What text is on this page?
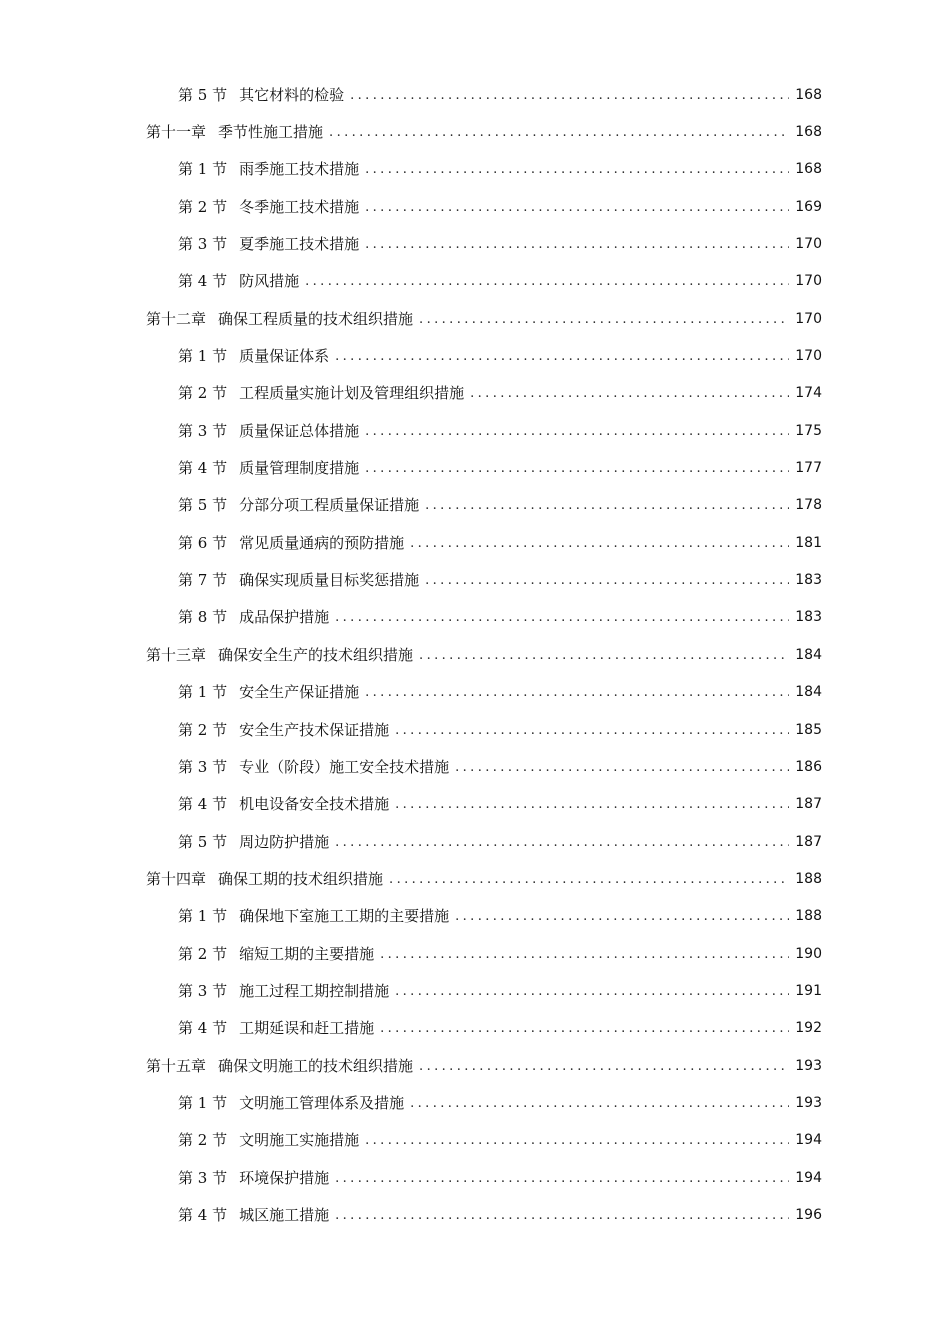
第 5 节 其它材料的检验 .....	168
第十一章 季节性施工措施 .....	168
第 1 节 雨季施工技术措施 .....	168
第 2 节 冬季施工技术措施 .....	169
第 3 节 夏季施工技术措施 .....	170
第 4 节 防风措施 .....	170
第十二章 确保工程质量的技术组织措施 .....	170
第 1 节 质量保证体系 .....	170
第 2 节 工程质量实施计划及管理组织措施 .....	174
第 3 节 质量保证总体措施 .....	175
第 4 节 质量管理制度措施 .....	177
第 5 节 分部分项工程质量保证措施 .....	178
第 6 节 常见质量通病的预防措施 .....	181
第 7 节 确保实现质量目标奖惩措施 .....	183
第 8 节 成品保护措施 .....	183
第十三章 确保安全生产的技术组织措施 .....	184
第 1 节 安全生产保证措施 .....	184
第 2 节 安全生产技术保证措施 .....	185
第 3 节 专业（阶段）施工安全技术措施 .....	186
第 4 节 机电设备安全技术措施 .....	187
第 5 节 周边防护措施 .....	187
第十四章 确保工期的技术组织措施 .....	188
第 1 节 确保地下室施工工期的主要措施 .....	188
第 2 节 缩短工期的主要措施 .....	190
第 3 节 施工过程工期控制措施 .....	191
第 4 节 工期延误和赶工措施 .....	192
第十五章 确保文明施工的技术组织措施 .....	193
第 1 节 文明施工管理体系及措施 .....	193
第 2 节 文明施工实施措施 .....	194
第 3 节 环境保护措施 .....	194
第 4 节 城区施工措施 .....	196
